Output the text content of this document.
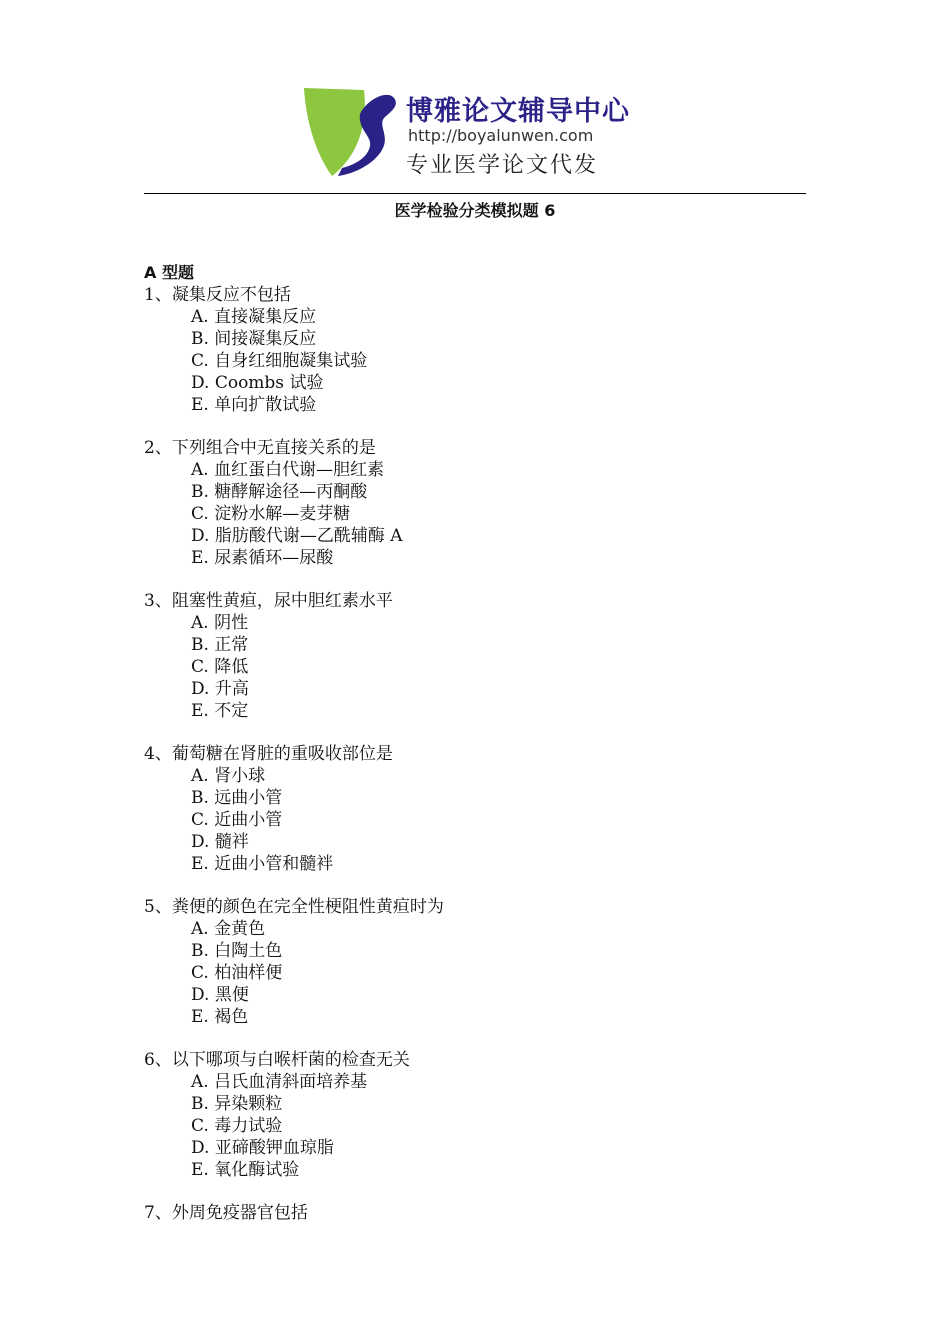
博雅论文辅导中心
http://boyalunwen.com
专业医学论文代发
医学检验分类模拟题 6
A 型题
1、凝集反应不包括
A. 直接凝集反应
B. 间接凝集反应
C. 自身红细胞凝集试验
D. Coombs 试验
E. 单向扩散试验
2、下列组合中无直接关系的是
A. 血红蛋白代谢—胆红素
B. 糖酵解途径—丙酮酸
C. 淀粉水解—麦芽糖
D. 脂肪酸代谢—乙酰辅酶 A
E. 尿素循环—尿酸
3、阻塞性黄疸，尿中胆红素水平
A. 阴性
B. 正常
C. 降低
D. 升高
E. 不定
4、葡萄糖在肾脏的重吸收部位是
A. 肾小球
B. 远曲小管
C. 近曲小管
D. 髓袢
E. 近曲小管和髓袢
5、粪便的颜色在完全性梗阻性黄疸时为
A. 金黄色
B. 白陶土色
C. 柏油样便
D. 黑便
E. 褐色
6、以下哪项与白喉杆菌的检查无关
A. 吕氏血清斜面培养基
B. 异染颗粒
C. 毒力试验
D. 亚碲酸钾血琼脂
E. 氧化酶试验
7、外周免疫器官包括
